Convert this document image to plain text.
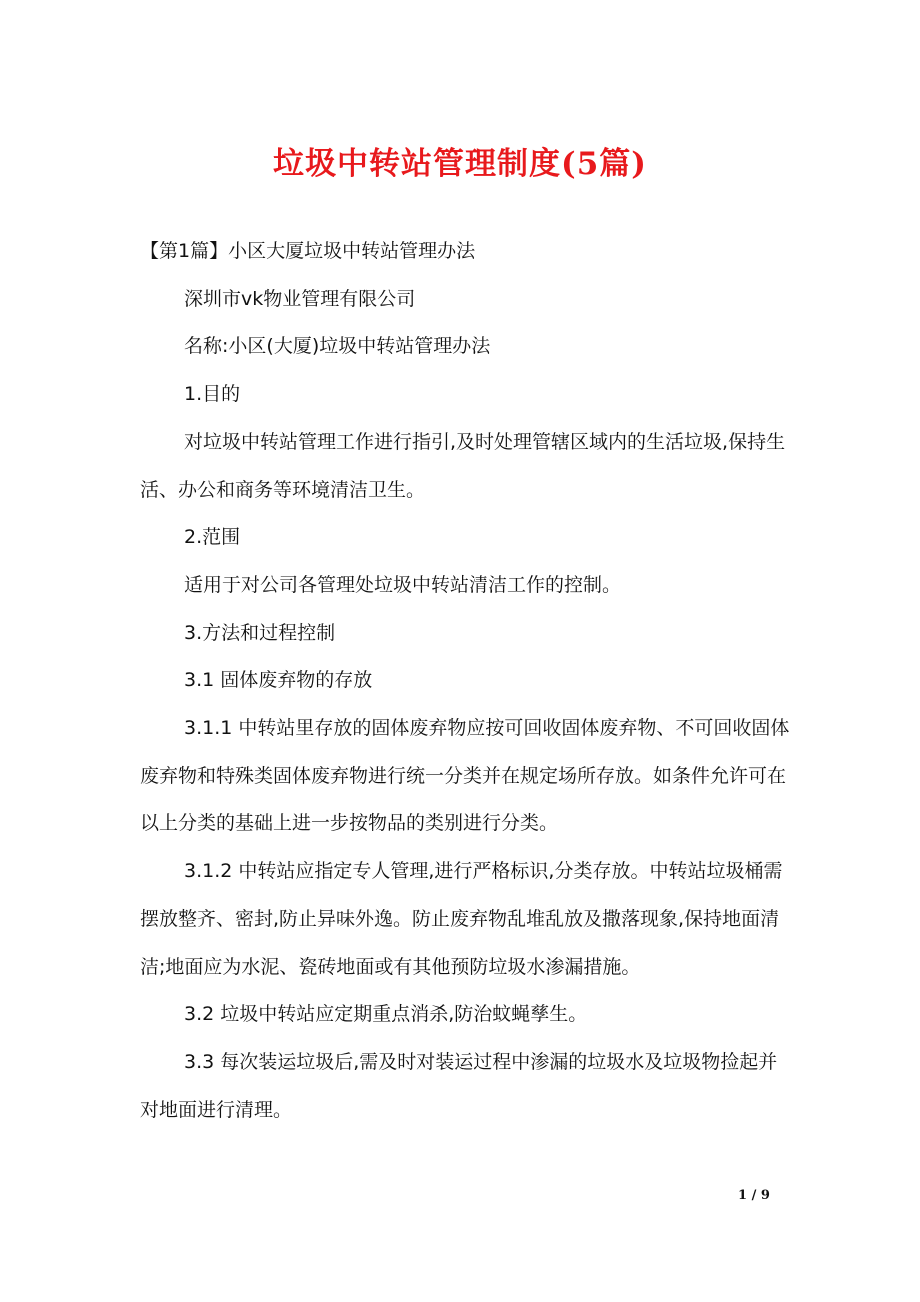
垃圾中转站管理制度(5篇)

【第1篇】小区大厦垃圾中转站管理办法

深圳市vk物业管理有限公司

名称:小区(大厦)垃圾中转站管理办法

1.目的

对垃圾中转站管理工作进行指引,及时处理管辖区域内的生活垃圾,保持生活、办公和商务等环境清洁卫生。

2.范围

适用于对公司各管理处垃圾中转站清洁工作的控制。

3.方法和过程控制

3.1 固体废弃物的存放

3.1.1 中转站里存放的固体废弃物应按可回收固体废弃物、不可回收固体废弃物和特殊类固体废弃物进行统一分类并在规定场所存放。如条件允许可在以上分类的基础上进一步按物品的类别进行分类。

3.1.2 中转站应指定专人管理,进行严格标识,分类存放。中转站垃圾桶需摆放整齐、密封,防止异味外逸。防止废弃物乱堆乱放及撒落现象,保持地面清洁;地面应为水泥、瓷砖地面或有其他预防垃圾水渗漏措施。

3.2 垃圾中转站应定期重点消杀,防治蚊蝇孳生。

3.3 每次装运垃圾后,需及时对装运过程中渗漏的垃圾水及垃圾物捡起并对地面进行清理。

1 / 9
